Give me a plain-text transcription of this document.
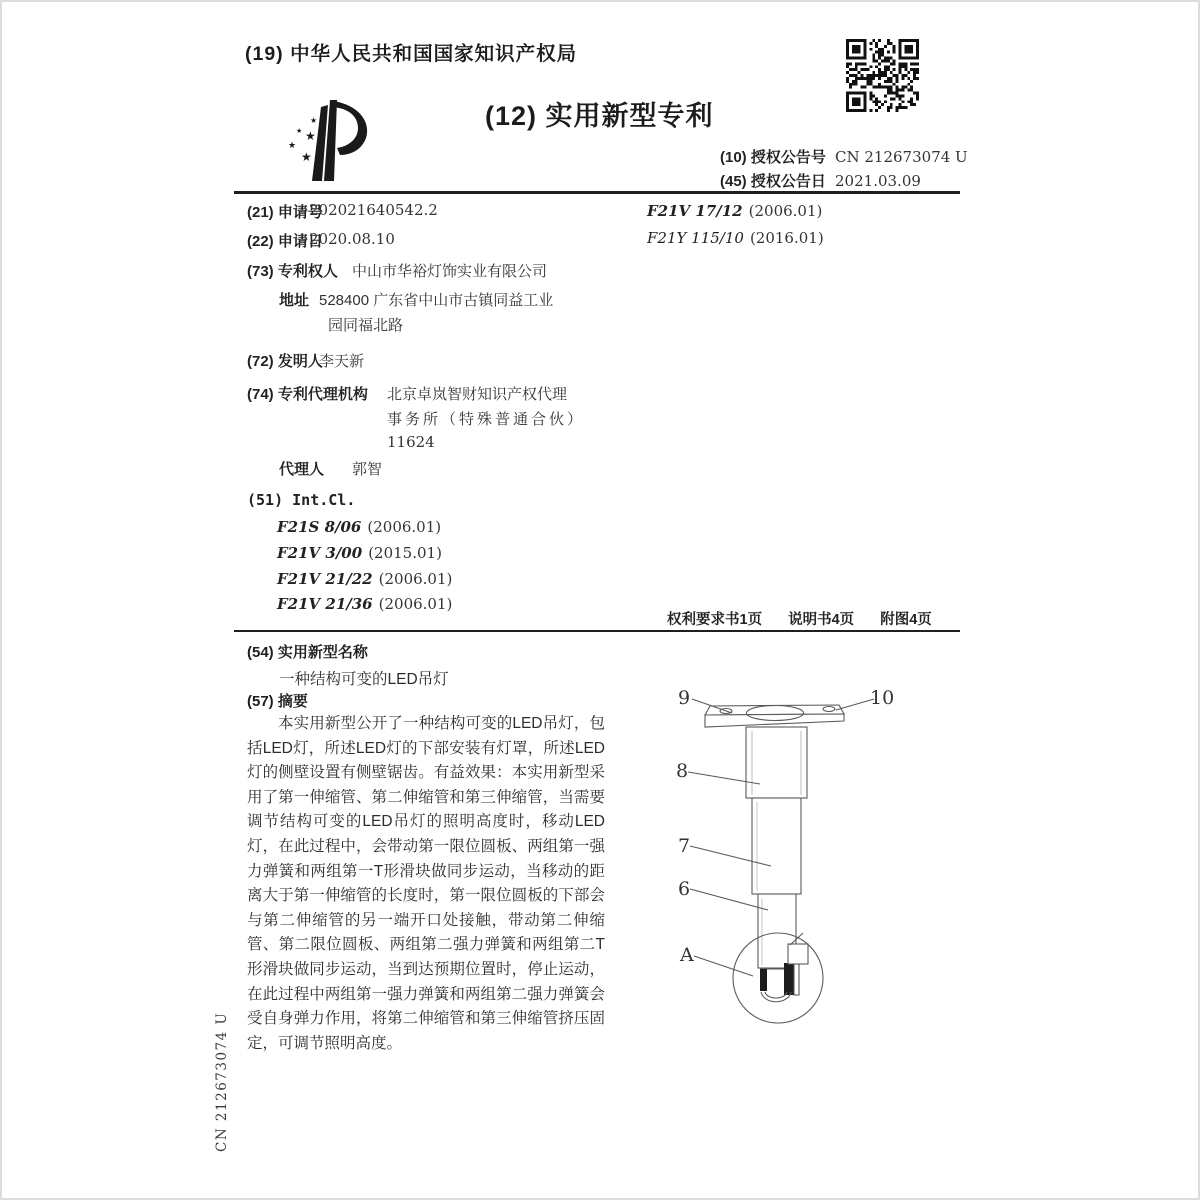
(19) 中华人民共和国国家知识产权局
★
★ ★
★
★
(12) 实用新型专利
(10) 授权公告号 CN 212673074 U
(45) 授权公告日 2021.03.09
(21) 申请号
202021640542.2
(22) 申请日
2020.08.10
(73) 专利权人 中山市华裕灯饰实业有限公司
地址 528400 广东省中山市古镇同益工业
园同福北路
(72) 发明人
李天新
(74) 专利代理机构 北京卓岚智财知识产权代理
事务所（特殊普通合伙）
11624
代理人 郭智
(51) Int.Cl.
F21S 8/06 (2006.01)
F21V 3/00 (2015.01)
F21V 21/22 (2006.01)
F21V 21/36 (2006.01)
F21V 17/12 (2006.01)
F21Y 115/10 (2016.01)
权利要求书1页 说明书4页 附图4页
(54) 实用新型名称
一种结构可变的LED吊灯
(57) 摘要

本实用新型公开了一种结构可变的LED吊灯，包括LED灯，所述LED灯的下部安装有灯罩，所述LED灯的侧壁设置有侧壁锯齿。有益效果：本实用新型采用了第一伸缩管、第二伸缩管和第三伸缩管，当需要调节结构可变的LED吊灯的照明高度时，移动LED灯，在此过程中，会带动第一限位圆板、两组第一强力弹簧和两组第一T形滑块做同步运动，当移动的距离大于第一伸缩管的长度时，第一限位圆板的下部会与第二伸缩管的另一端开口处接触，带动第二伸缩管、第二限位圆板、两组第二强力弹簧和两组第二T形滑块做同步运动，当到达预期位置时，停止运动，在此过程中两组第一强力弹簧和两组第二强力弹簧会受自身弹力作用，将第二伸缩管和第三伸缩管挤压固定，可调节照明高度。

9	10
8
7
6
A
CN 212673074 U
